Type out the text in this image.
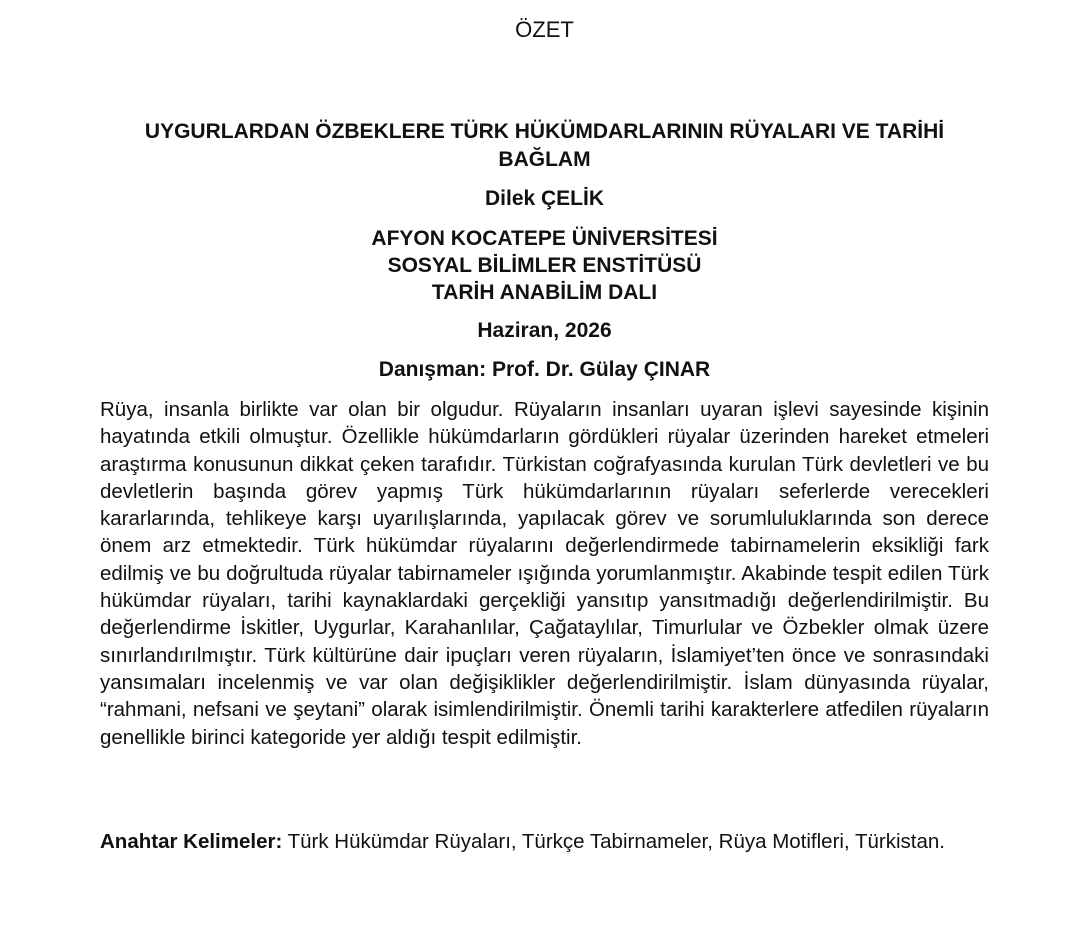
ÖZET
UYGURLARDAN ÖZBEKLERE TÜRK HÜKÜMDARLARININ RÜYALARI VE TARİHİ BAĞLAM
Dilek ÇELİK
AFYON KOCATEPE ÜNİVERSİTESİ
SOSYAL BİLİMLER ENSTİTÜSÜ
TARİH ANABİLİM DALI
Haziran, 2026
Danışman: Prof. Dr. Gülay ÇINAR

Rüya, insanla birlikte var olan bir olgudur. Rüyaların insanları uyaran işlevi sayesinde kişinin hayatında etkili olmuştur. Özellikle hükümdarların gördükleri rüyalar üzerinden hareket etmeleri araştırma konusunun dikkat çeken tarafıdır. Türkistan coğrafyasında kurulan Türk devletleri ve bu devletlerin başında görev yapmış Türk hükümdarlarının rüyaları seferlerde verecekleri kararlarında, tehlikeye karşı uyarılışlarında, yapılacak görev ve sorumluluklarında son derece önem arz etmektedir. Türk hükümdar rüyalarını değerlendirmede tabirnamelerin eksikliği fark edilmiş ve bu doğrultuda rüyalar tabirnameler ışığında yorumlanmıştır. Akabinde tespit edilen Türk hükümdar rüyaları, tarihi kaynaklardaki gerçekliği yansıtıp yansıtmadığı değerlendirilmiştir. Bu değerlendirme İskitler, Uygurlar, Karahanlılar, Çağataylılar, Timurlular ve Özbekler olmak üzere sınırlandırılmıştır. Türk kültürüne dair ipuçları veren rüyaların, İslamiyet’ten önce ve sonrasındaki yansımaları incelenmiş ve var olan değişiklikler değerlendirilmiştir. İslam dünyasında rüyalar, “rahmani, nefsani ve şeytani” olarak isimlendirilmiştir. Önemli tarihi karakterlere atfedilen rüyaların genellikle birinci kategoride yer aldığı tespit edilmiştir.

Anahtar Kelimeler: Türk Hükümdar Rüyaları, Türkçe Tabirnameler, Rüya Motifleri, Türkistan.
